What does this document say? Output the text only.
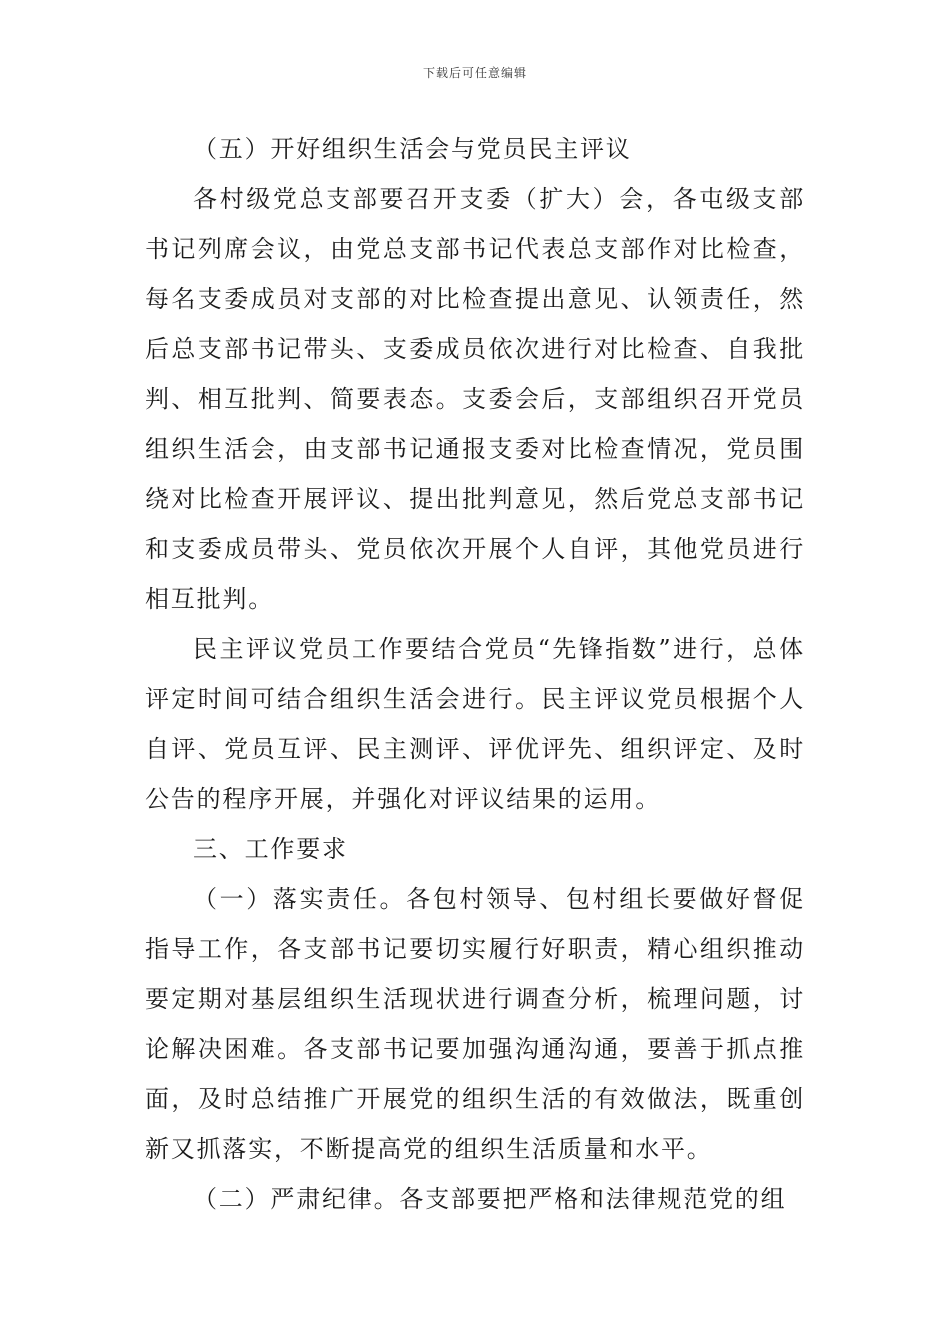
下载后可任意编辑

（五）开好组织生活会与党员民主评议

各村级党总支部要召开支委（扩大）会，各屯级支部书记列席会议，由党总支部书记代表总支部作对比检查，每名支委成员对支部的对比检查提出意见、认领责任，然后总支部书记带头、支委成员依次进行对比检查、自我批判、相互批判、简要表态。支委会后，支部组织召开党员组织生活会，由支部书记通报支委对比检查情况，党员围绕对比检查开展评议、提出批判意见，然后党总支部书记和支委成员带头、党员依次开展个人自评，其他党员进行相互批判。

民主评议党员工作要结合党员“先锋指数”进行，总体评定时间可结合组织生活会进行。民主评议党员根据个人自评、党员互评、民主测评、评优评先、组织评定、及时公告的程序开展，并强化对评议结果的运用。

三、工作要求

（一）落实责任。各包村领导、包村组长要做好督促指导工作，各支部书记要切实履行好职责，精心组织推动要定期对基层组织生活现状进行调查分析，梳理问题，讨论解决困难。各支部书记要加强沟通沟通，要善于抓点推面，及时总结推广开展党的组织生活的有效做法，既重创新又抓落实，不断提高党的组织生活质量和水平。

（二）严肃纪律。各支部要把严格和法律规范党的组
